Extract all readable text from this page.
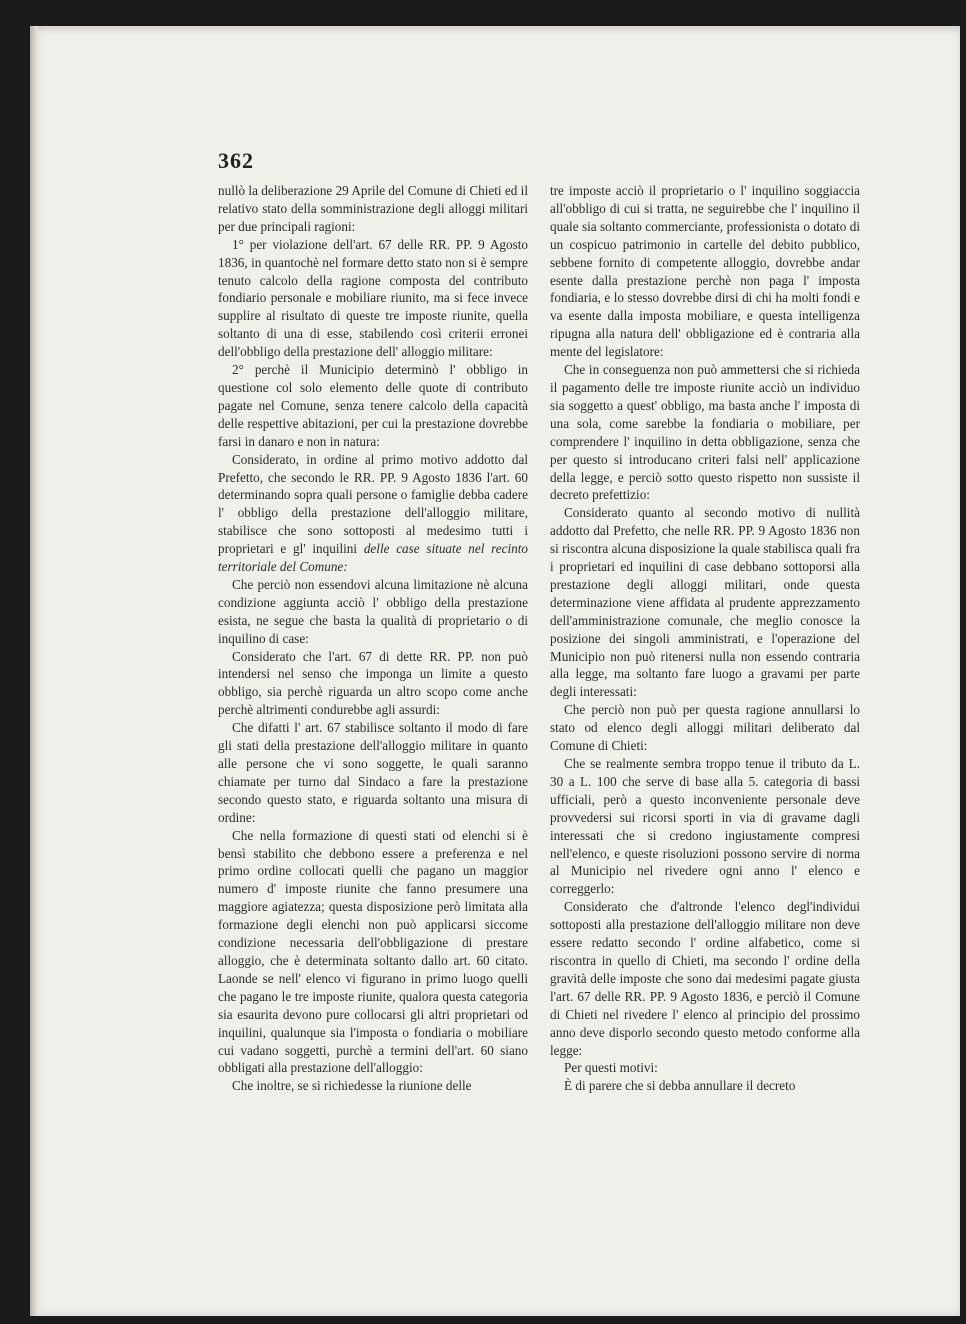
362

nullò la deliberazione 29 Aprile del Comune di Chieti ed il relativo stato della somministrazione degli alloggi militari per due principali ragioni:

1° per violazione dell'art. 67 delle RR. PP. 9 Agosto 1836, in quantochè nel formare detto stato non si è sempre tenuto calcolo della ragione composta del contributo fondiario personale e mobiliare riunito, ma si fece invece supplire al risultato di queste tre imposte riunite, quella soltanto di una di esse, stabilendo così criterii erronei dell'obbligo della prestazione dell' alloggio militare:

2° perchè il Municipio determinò l' obbligo in questione col solo elemento delle quote di contributo pagate nel Comune, senza tenere calcolo della capacità delle respettive abitazioni, per cui la prestazione dovrebbe farsi in danaro e non in natura:

Considerato, in ordine al primo motivo addotto dal Prefetto, che secondo le RR. PP. 9 Agosto 1836 l'art. 60 determinando sopra quali persone o famiglie debba cadere l' obbligo della prestazione dell'alloggio militare, stabilisce che sono sottoposti al medesimo tutti i proprietari e gl' inquilini delle case situate nel recinto territoriale del Comune:

Che perciò non essendovi alcuna limitazione nè alcuna condizione aggiunta acciò l' obbligo della prestazione esista, ne segue che basta la qualità di proprietario o di inquilino di case:

Considerato che l'art. 67 di dette RR. PP. non può intendersi nel senso che imponga un limite a questo obbligo, sia perchè riguarda un altro scopo come anche perchè altrimenti condurebbe agli assurdi:

Che difatti l' art. 67 stabilisce soltanto il modo di fare gli stati della prestazione dell'alloggio militare in quanto alle persone che vi sono soggette, le quali saranno chiamate per turno dal Sindaco a fare la prestazione secondo questo stato, e riguarda soltanto una misura di ordine:

Che nella formazione di questi stati od elenchi si è bensì stabilito che debbono essere a preferenza e nel primo ordine collocati quelli che pagano un maggior numero d' imposte riunite che fanno presumere una maggiore agiatezza; questa disposizione però limitata alla formazione degli elenchi non può applicarsi siccome condizione necessaria dell'obbligazione di prestare alloggio, che è determinata soltanto dallo art. 60 citato. Laonde se nell' elenco vi figurano in primo luogo quelli che pagano le tre imposte riunite, qualora questa categoria sia esaurita devono pure collocarsi gli altri proprietari od inquilini, qualunque sia l'imposta o fondiaria o mobiliare cui vadano soggetti, purchè a termini dell'art. 60 siano obbligati alla prestazione dell'alloggio:

Che inoltre, se si richiedesse la riunione delle

tre imposte acciò il proprietario o l' inquilino soggiaccia all'obbligo di cui si tratta, ne seguirebbe che l' inquilino il quale sia soltanto commerciante, professionista o dotato di un cospicuo patrimonio in cartelle del debito pubblico, sebbene fornito di competente alloggio, dovrebbe andar esente dalla prestazione perchè non paga l' imposta fondiaria, e lo stesso dovrebbe dirsi di chi ha molti fondi e va esente dalla imposta mobiliare, e questa intelligenza ripugna alla natura dell' obbligazione ed è contraria alla mente del legislatore:

Che in conseguenza non può ammettersi che si richieda il pagamento delle tre imposte riunite acciò un individuo sia soggetto a quest' obbligo, ma basta anche l' imposta di una sola, come sarebbe la fondiaria o mobiliare, per comprendere l' inquilino in detta obbligazione, senza che per questo si introducano criteri falsi nell' applicazione della legge, e perciò sotto questo rispetto non sussiste il decreto prefettizio:

Considerato quanto al secondo motivo di nullità addotto dal Prefetto, che nelle RR. PP. 9 Agosto 1836 non si riscontra alcuna disposizione la quale stabilisca quali fra i proprietari ed inquilini di case debbano sottoporsi alla prestazione degli alloggi militari, onde questa determinazione viene affidata al prudente apprezzamento dell'amministrazione comunale, che meglio conosce la posizione dei singoli amministrati, e l'operazione del Municipio non può ritenersi nulla non essendo contraria alla legge, ma soltanto fare luogo a gravami per parte degli interessati:

Che perciò non può per questa ragione annullarsi lo stato od elenco degli alloggi militari deliberato dal Comune di Chieti:

Che se realmente sembra troppo tenue il tributo da L. 30 a L. 100 che serve di base alla 5. categoria di bassi ufficiali, però a questo inconveniente personale deve provvedersi sui ricorsi sporti in via di gravame dagli interessati che si credono ingiustamente compresi nell'elenco, e queste risoluzioni possono servire di norma al Municipio nel rivedere ogni anno l' elenco e correggerlo:

Considerato che d'altronde l'elenco degl'individui sottoposti alla prestazione dell'alloggio militare non deve essere redatto secondo l' ordine alfabetico, come si riscontra in quello di Chieti, ma secondo l' ordine della gravità delle imposte che sono dai medesimi pagate giusta l'art. 67 delle RR. PP. 9 Agosto 1836, e perciò il Comune di Chieti nel rivedere l' elenco al principio del prossimo anno deve disporlo secondo questo metodo conforme alla legge:

Per questi motivi:

È di parere che si debba annullare il decreto
